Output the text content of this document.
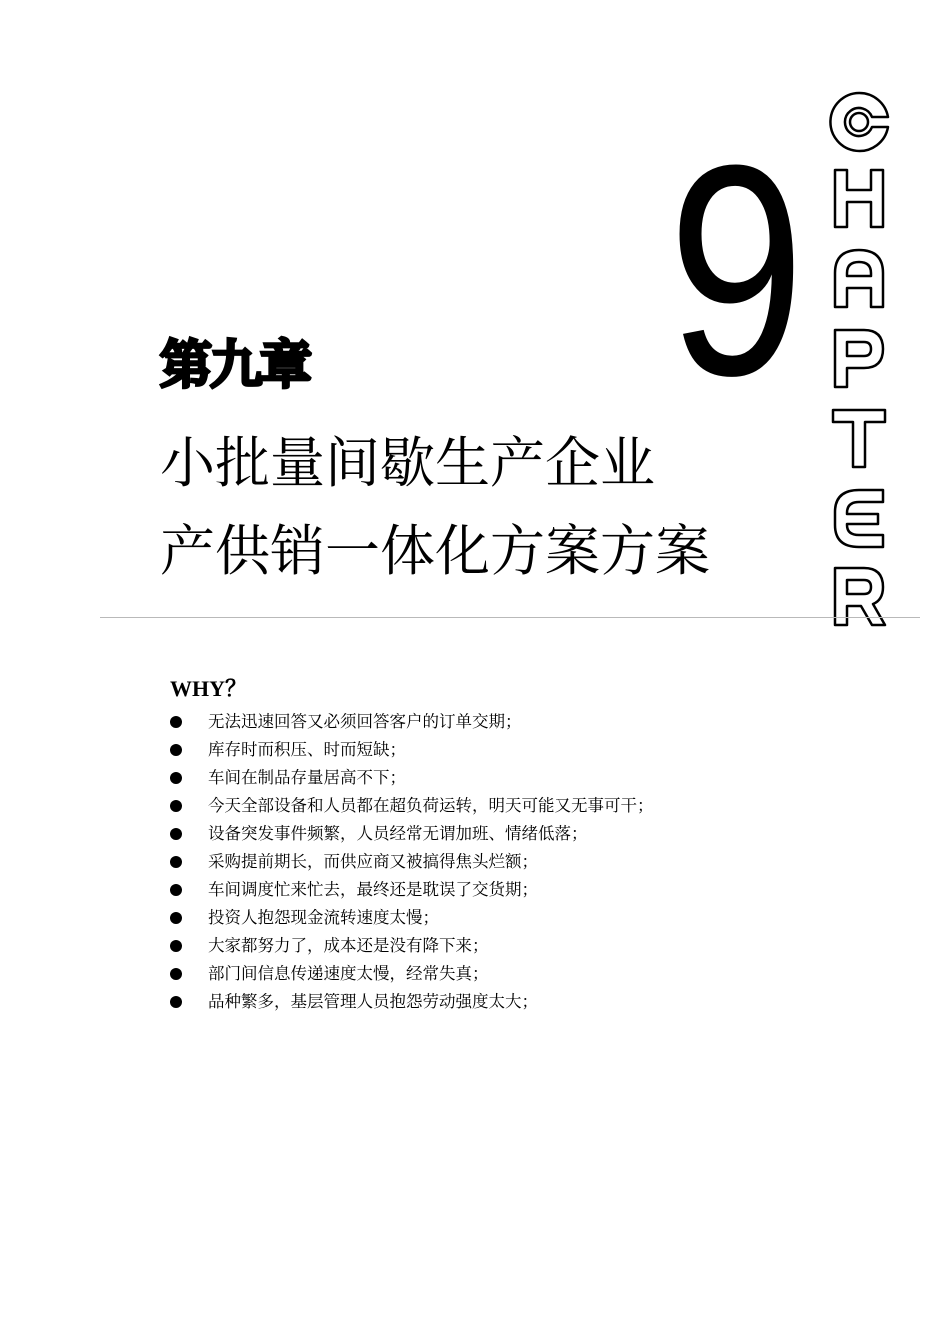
第九章 9
小批量间歇生产企业
产供销一体化方案方案
WHY？
无法迅速回答又必须回答客户的订单交期；
库存时而积压、时而短缺；
车间在制品存量居高不下；
今天全部设备和人员都在超负荷运转，明天可能又无事可干；
设备突发事件频繁，人员经常无谓加班、情绪低落；
采购提前期长，而供应商又被搞得焦头烂额；
车间调度忙来忙去，最终还是耽误了交货期；
投资人抱怨现金流转速度太慢；
大家都努力了，成本还是没有降下来；
部门间信息传递速度太慢，经常失真；
品种繁多，基层管理人员抱怨劳动强度太大；
